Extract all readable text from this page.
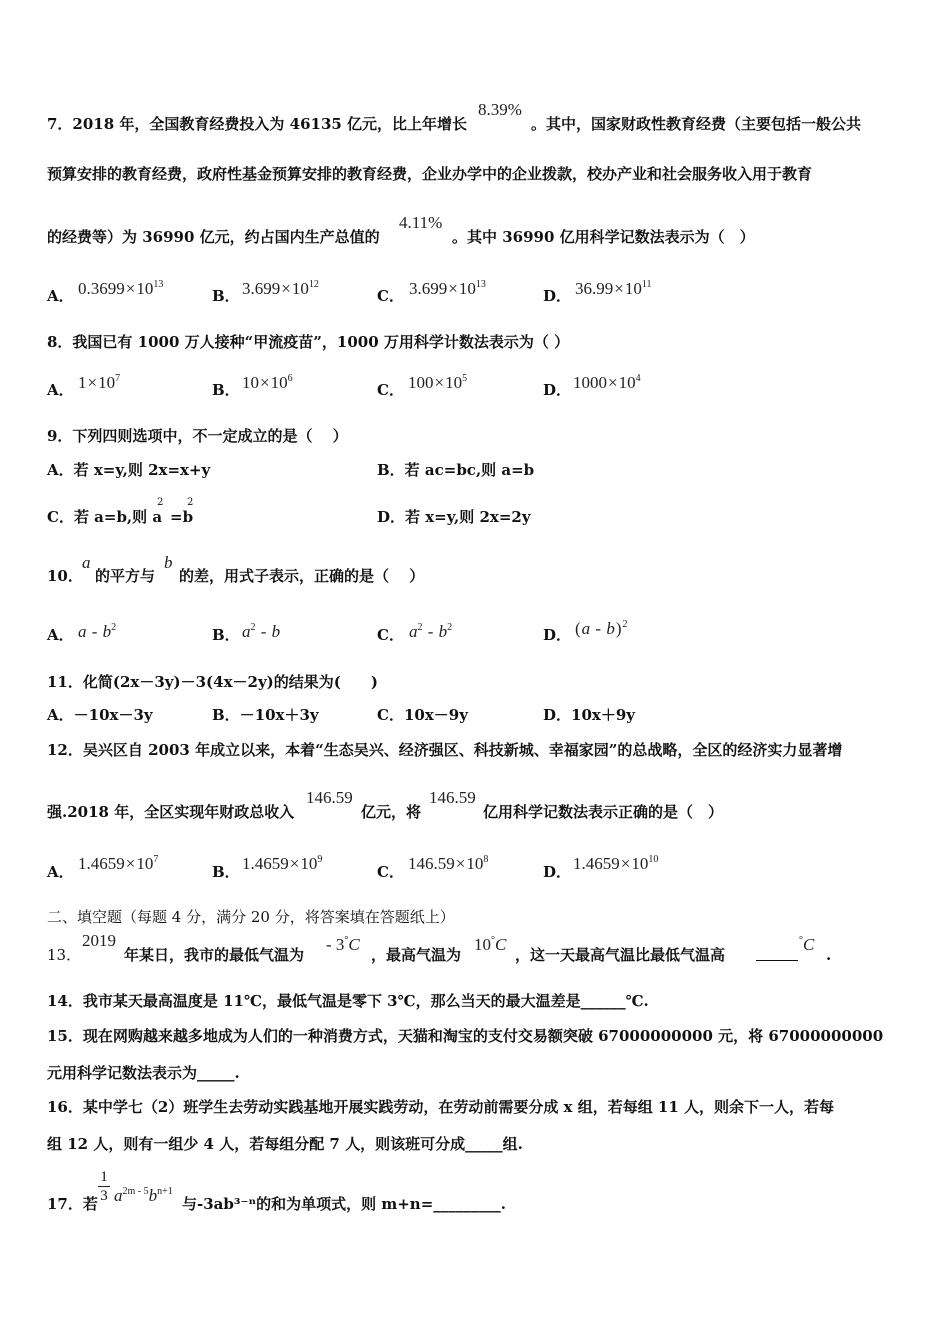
7．2018 年，全国教育经费投入为 46135 亿元，比上年增长
8.39%
。其中，国家财政性教育经费（主要包括一般公共
预算安排的教育经费，政府性基金预算安排的教育经费，企业办学中的企业拨款，校办产业和社会服务收入用于教育
的经费等）为 36990 亿元，约占国内生产总值的
4.11%
。其中 36990 亿用科学记数法表示为（　）
A． $0.3699\times 10^{13}$
B． $3.699\times 10^{12}$
C． $3.699\times 10^{13}$
D． $36.99\times 10^{11}$
8．我国已有 1000 万人接种“甲流疫苗”，1000 万用科学计数法表示为（ ）
A． $1\times 10^7$
B． $10\times 10^6$
C． $100\times 10^5$
D． $1000\times 10^4$
9．下列四则选项中，不一定成立的是（　 ）
A．若 x=y,则 2x=x+y	B．若 ac=bc,则 a=b
C．若 a=b,则 a
2
=b
2
D．若 x=y,则 2x=2y
10．
a
的平方与
b
的差，用式子表示，正确的是（　 ）
A． a - $b^2$	B． $a^2$ - b	C． $a^2 - b^2$	D． (a - b)$^2$
11．化简(2x－3y)－3(4x－2y)的结果为(　　)
A．－10x－3y	B．－10x＋3y	C．10x－9y	D．10x＋9y
12．吴兴区自 2003 年成立以来，本着“生态吴兴、经济强区、科技新城、幸福家园”的总战略，全区的经济实力显著增
强.2018 年，全区实现年财政总收入
146.59
亿元，将
146.59
亿用科学记数法表示正确的是（　）
A． $1.4659\times 10^7$
B． $1.4659\times 10^9$
C． $146.59\times 10^8$
D． $1.4659\times 10^{10}$
二、填空题（每题 4 分，满分 20 分，将答案填在答题纸上）
13．
2019
年某日，我市的最低气温为
- 3°C
，最高气温为
10°C
，这一天最高气温比最低气温高
°C
.
14．我市某天最高温度是 11℃，最低气温是零下 3℃，那么当天的最大温差是______℃.
15．现在网购越来越多地成为人们的一种消费方式，天猫和淘宝的支付交易额突破 67000000000 元，将 67000000000
元用科学记数法表示为_____.
16．某中学七（2）班学生去劳动实践基地开展实践劳动，在劳动前需要分成 x 组，若每组 11 人，则余下一人，若每
组 12 人，则有一组少 4 人，若每组分配 7 人，则该班可分成_____组.
17．若 $\frac{1}{3} a^{2m - 5}b^{n+1}$
与-3ab³⁻ⁿ的和为单项式，则 m+n=_________.
